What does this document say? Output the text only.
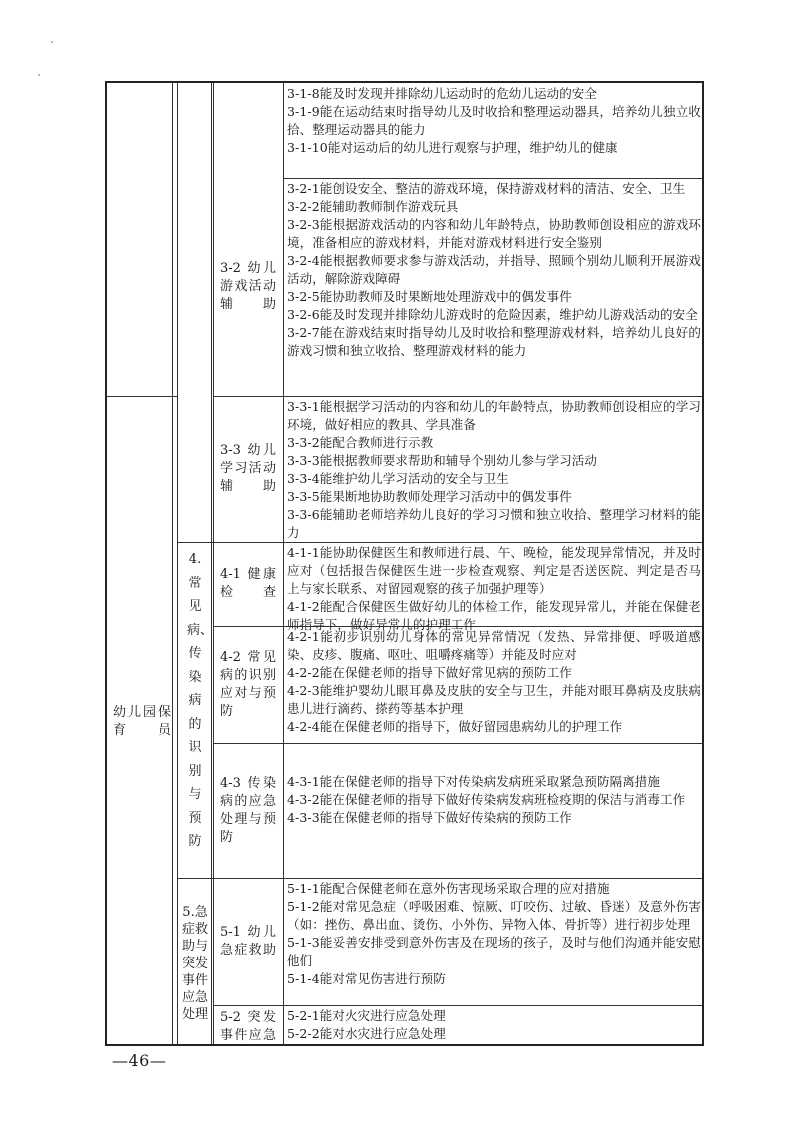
幼儿园保育员
4.常见病、传染病的识别与预防
5.急症救助与突发事件应急处理
3-2 幼儿游戏活动辅助
3-3 幼儿学习活动辅助
4-1 健康检查
4-2 常见病的识别应对与预防
4-3 传染病的应急处理与预防
5-1 幼儿急症救助
5-2 突发事件应急
3-1-8能及时发现并排除幼儿运动时的危幼儿运动的安全
3-1-9能在运动结束时指导幼儿及时收拾和整理运动器具，培养幼儿独立收拾、整理运动器具的能力
3-1-10能对运动后的幼儿进行观察与护理，维护幼儿的健康
3-2-1能创设安全、整洁的游戏环境，保持游戏材料的清洁、安全、卫生
3-2-2能辅助教师制作游戏玩具
3-2-3能根据游戏活动的内容和幼儿年龄特点，协助教师创设相应的游戏环境，准备相应的游戏材料，并能对游戏材料进行安全鉴别
3-2-4能根据教师要求参与游戏活动，并指导、照顾个别幼儿顺利开展游戏活动，解除游戏障碍
3-2-5能协助教师及时果断地处理游戏中的偶发事件
3-2-6能及时发现并排除幼儿游戏时的危险因素，维护幼儿游戏活动的安全
3-2-7能在游戏结束时指导幼儿及时收拾和整理游戏材料，培养幼儿良好的游戏习惯和独立收拾、整理游戏材料的能力
3-3-1能根据学习活动的内容和幼儿的年龄特点，协助教师创设相应的学习环境，做好相应的教具、学具准备
3-3-2能配合教师进行示教
3-3-3能根据教师要求帮助和辅导个别幼儿参与学习活动
3-3-4能维护幼儿学习活动的安全与卫生
3-3-5能果断地协助教师处理学习活动中的偶发事件
3-3-6能辅助老师培养幼儿良好的学习习惯和独立收拾、整理学习材料的能力
4-1-1能协助保健医生和教师进行晨、午、晚检，能发现异常情况，并及时应对（包括报告保健医生进一步检查观察、判定是否送医院、判定是否马上与家长联系、对留园观察的孩子加强护理等）
4-1-2能配合保健医生做好幼儿的体检工作，能发现异常儿，并能在保健老师指导下，做好异常儿的护理工作
4-2-1能初步识别幼儿身体的常见异常情况（发热、异常排便、呼吸道感染、皮疹、腹痛、呕吐、咀嚼疼痛等）并能及时应对
4-2-2能在保健老师的指导下做好常见病的预防工作
4-2-3能维护婴幼儿眼耳鼻及皮肤的安全与卫生，并能对眼耳鼻病及皮肤病患儿进行滴药、搽药等基本护理
4-2-4能在保健老师的指导下，做好留园患病幼儿的护理工作
4-3-1能在保健老师的指导下对传染病发病班采取紧急预防隔离措施
4-3-2能在保健老师的指导下做好传染病发病班检疫期的保洁与消毒工作
4-3-3能在保健老师的指导下做好传染病的预防工作
5-1-1能配合保健老师在意外伤害现场采取合理的应对措施
5-1-2能对常见急症（呼吸困难、惊厥、叮咬伤、过敏、昏迷）及意外伤害（如：挫伤、鼻出血、烫伤、小外伤、异物入体、骨折等）进行初步处理
5-1-3能妥善安排受到意外伤害及在现场的孩子，及时与他们沟通并能安慰他们
5-1-4能对常见伤害进行预防
5-2-1能对火灾进行应急处理
5-2-2能对水灾进行应急处理
—46—
